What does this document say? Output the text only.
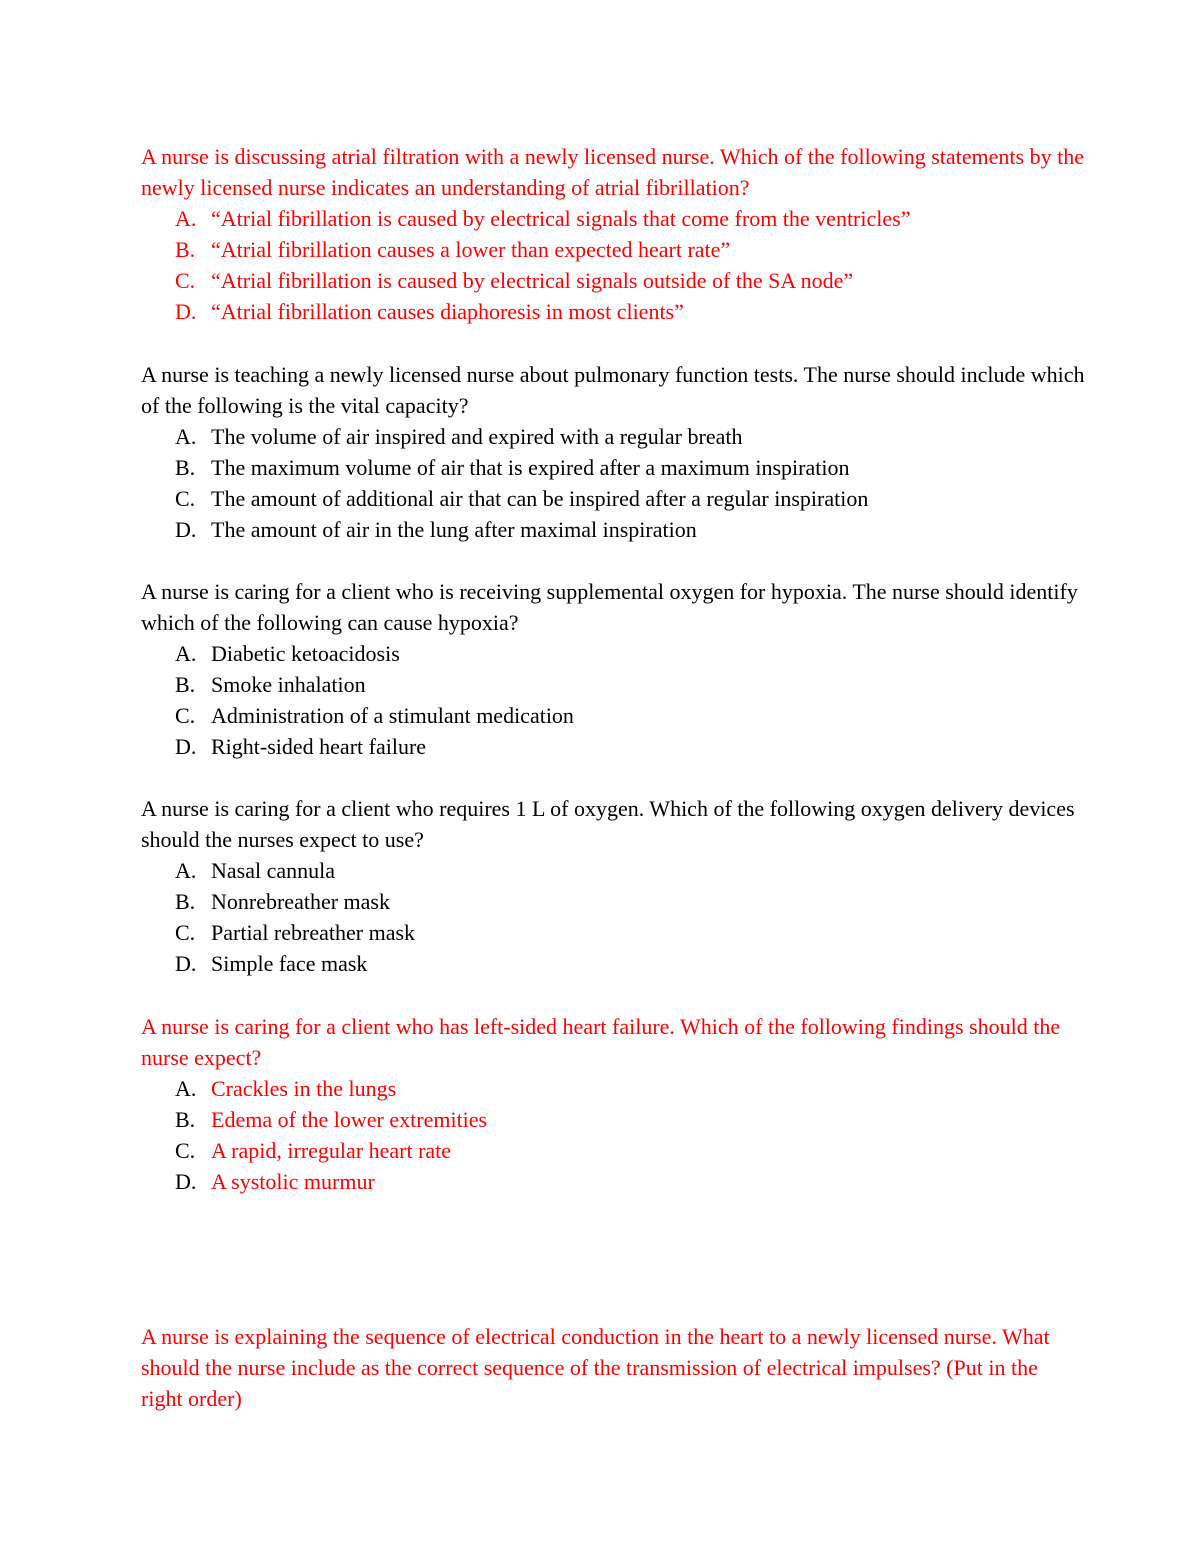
A nurse is discussing atrial filtration with a newly licensed nurse. Which of the following statements by the newly licensed nurse indicates an understanding of atrial fibrillation?

A. “Atrial fibrillation is caused by electrical signals that come from the ventricles”
B. “Atrial fibrillation causes a lower than expected heart rate”
C. “Atrial fibrillation is caused by electrical signals outside of the SA node”
D. “Atrial fibrillation causes diaphoresis in most clients”

A nurse is teaching a newly licensed nurse about pulmonary function tests. The nurse should include which of the following is the vital capacity?

A. The volume of air inspired and expired with a regular breath
B. The maximum volume of air that is expired after a maximum inspiration
C. The amount of additional air that can be inspired after a regular inspiration
D. The amount of air in the lung after maximal inspiration

A nurse is caring for a client who is receiving supplemental oxygen for hypoxia. The nurse should identify which of the following can cause hypoxia?

A. Diabetic ketoacidosis
B. Smoke inhalation
C. Administration of a stimulant medication
D. Right-sided heart failure

A nurse is caring for a client who requires 1 L of oxygen. Which of the following oxygen delivery devices should the nurses expect to use?

A. Nasal cannula
B. Nonrebreather mask
C. Partial rebreather mask
D. Simple face mask

A nurse is caring for a client who has left-sided heart failure. Which of the following findings should the nurse expect?

A. Crackles in the lungs
B. Edema of the lower extremities
C. A rapid, irregular heart rate
D. A systolic murmur

A nurse is explaining the sequence of electrical conduction in the heart to a newly licensed nurse. What should the nurse include as the correct sequence of the transmission of electrical impulses? (Put in the right order)
